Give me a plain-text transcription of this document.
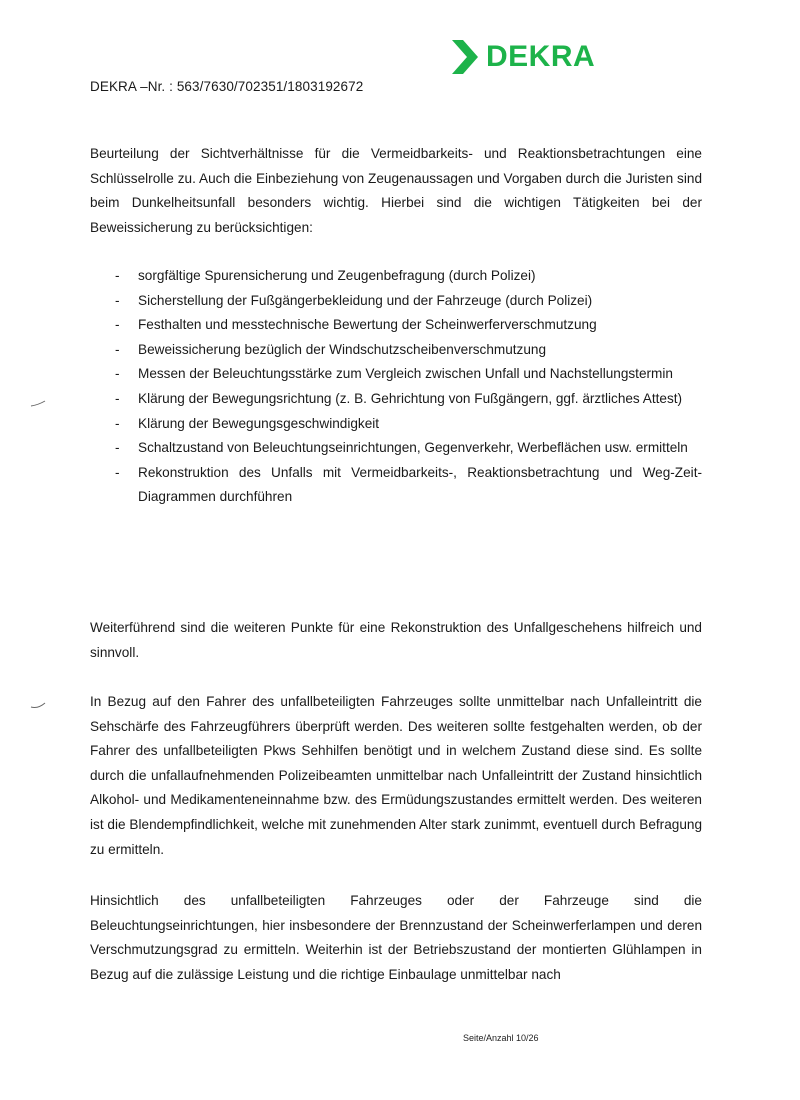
DEKRA
DEKRA –Nr. : 563/7630/702351/1803192672

Beurteilung der Sichtverhältnisse für die Vermeidbarkeits- und Reaktionsbetrachtungen eine Schlüsselrolle zu. Auch die Einbeziehung von Zeugenaussagen und Vorgaben durch die Juristen sind beim Dunkelheitsunfall besonders wichtig. Hierbei sind die wichtigen Tätigkeiten bei der Beweissicherung zu berücksichtigen:

- sorgfältige Spurensicherung und Zeugenbefragung (durch Polizei)
- Sicherstellung der Fußgängerbekleidung und der Fahrzeuge (durch Polizei)
- Festhalten und messtechnische Bewertung der Scheinwerferverschmutzung
- Beweissicherung bezüglich der Windschutzscheibenverschmutzung
- Messen der Beleuchtungsstärke zum Vergleich zwischen Unfall und Nachstellungstermin
- Klärung der Bewegungsrichtung (z. B. Gehrichtung von Fußgängern, ggf. ärztliches Attest)
- Klärung der Bewegungsgeschwindigkeit
- Schaltzustand von Beleuchtungseinrichtungen, Gegenverkehr, Werbeflächen usw. ermitteln
- Rekonstruktion des Unfalls mit Vermeidbarkeits-, Reaktionsbetrachtung und Weg-Zeit-Diagrammen durchführen

Weiterführend sind die weiteren Punkte für eine Rekonstruktion des Unfallgeschehens hilfreich und sinnvoll.

In Bezug auf den Fahrer des unfallbeteiligten Fahrzeuges sollte unmittelbar nach Unfalleintritt die Sehschärfe des Fahrzeugführers überprüft werden. Des weiteren sollte festgehalten werden, ob der Fahrer des unfallbeteiligten Pkws Sehhilfen benötigt und in welchem Zustand diese sind. Es sollte durch die unfallaufnehmenden Polizeibeamten unmittelbar nach Unfalleintritt der Zustand hinsichtlich Alkohol- und Medikamenteneinnahme bzw. des Ermüdungszustandes ermittelt werden. Des weiteren ist die Blendempfindlichkeit, welche mit zunehmenden Alter stark zunimmt, eventuell durch Befragung zu ermitteln.

Hinsichtlich des unfallbeteiligten Fahrzeuges oder der Fahrzeuge sind die Beleuchtungseinrichtungen, hier insbesondere der Brennzustand der Scheinwerferlampen und deren Verschmutzungsgrad zu ermitteln. Weiterhin ist der Betriebszustand der montierten Glühlampen in Bezug auf die zulässige Leistung und die richtige Einbaulage unmittelbar nach

Seite/Anzahl 10/26
